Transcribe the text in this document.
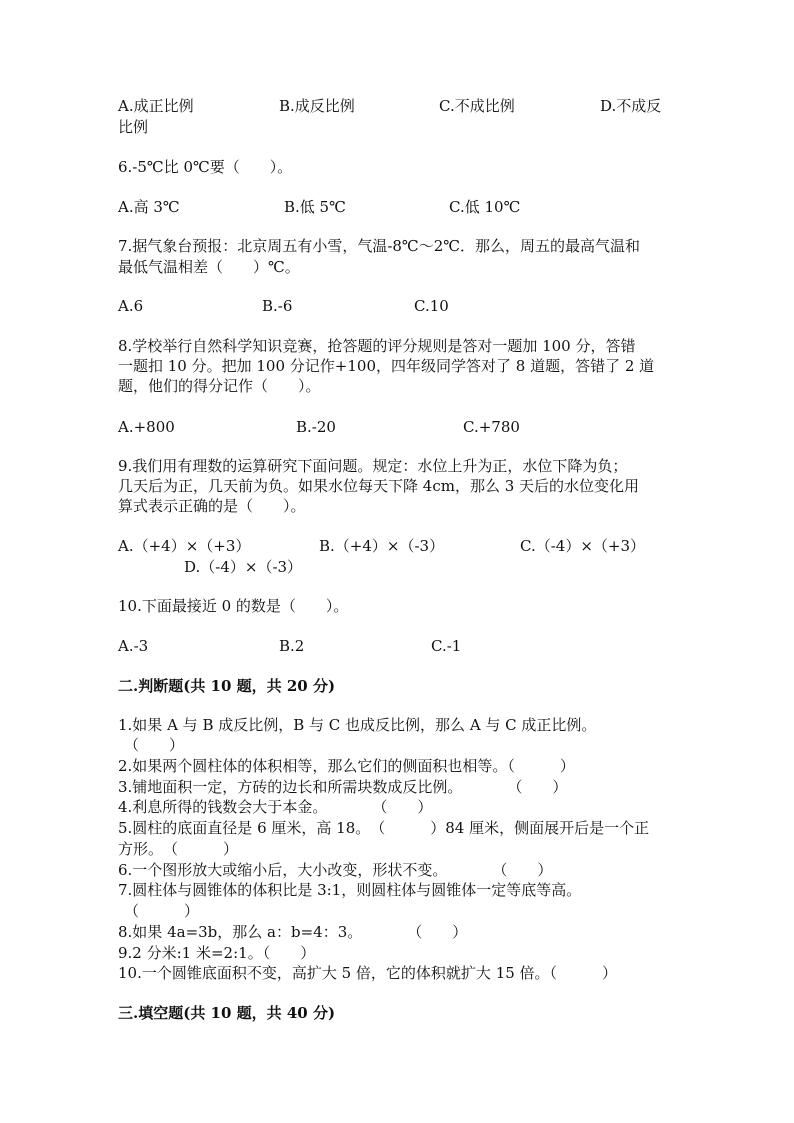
A.成正比例	B.成反比例	C.不成比例	D.不成反
比例
6.-5℃比 0℃要（　　）。
A.高 3℃	B.低 5℃	C.低 10℃
7.据气象台预报：北京周五有小雪，气温-8℃～2℃．那么，周五的最高气温和
最低气温相差（　　）℃。
A.6	B.-6	C.10
8.学校举行自然科学知识竞赛，抢答题的评分规则是答对一题加 100 分，答错
一题扣 10 分。把加 100 分记作+100，四年级同学答对了 8 道题，答错了 2 道
题，他们的得分记作（　　）。
A.+800	B.-20	C.+780
9.我们用有理数的运算研究下面问题。规定：水位上升为正，水位下降为负；
几天后为正，几天前为负。如果水位每天下降 4cm，那么 3 天后的水位变化用
算式表示正确的是（　　）。
A.（+4）×（+3）	B.（+4）×（-3）	C.（-4）×（+3）
D.（-4）×（-3）
10.下面最接近 0 的数是（　　）。
A.-3	B.2	C.-1
二.判断题(共 10 题，共 20 分)
1.如果 A 与 B 成反比例，B 与 C 也成反比例，那么 A 与 C 成正比例。
（　　）
2.如果两个圆柱体的体积相等，那么它们的侧面积也相等。（　　　）
3.铺地面积一定，方砖的边长和所需块数成反比例。　　　　（　　）
4.利息所得的钱数会大于本金。　　　　（　　）
5.圆柱的底面直径是 6 厘米，高 18。　（　　　）84 厘米，侧面展开后是一个正
方形。　（　　　）
6.一个图形放大或缩小后，大小改变，形状不变。　　　　（　　）
7.圆柱体与圆锥体的体积比是 3:1，则圆柱体与圆锥体一定等底等高。
（　　　）
8.如果 4a=3b，那么 a：b=4：3。　　　　（　　）
9.2 分米:1 米=2:1。（　　）
10.一个圆锥底面积不变，高扩大 5 倍，它的体积就扩大 15 倍。（　　　）
三.填空题(共 10 题，共 40 分)
